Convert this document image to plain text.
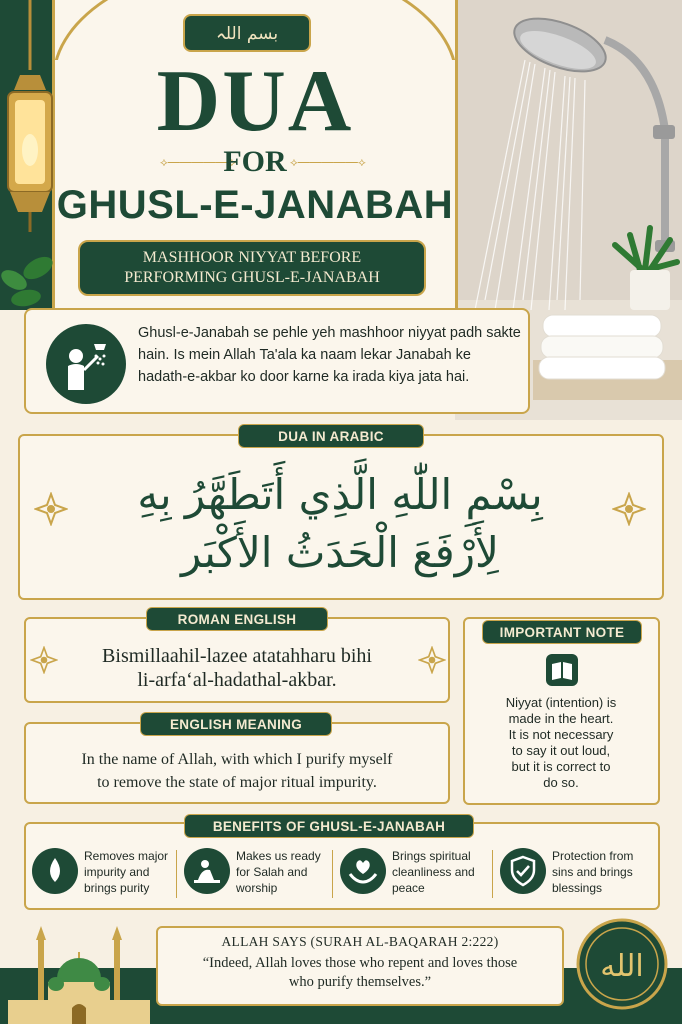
بسم اللہ
DUA
⟡━━━━━⟡	⟡━━━━━⟡
FOR
GHUSL-E-JANABAH
MASHHOOR NIYYAT BEFORE
PERFORMING GHUSL-E-JANABAH
Ghusl-e-Janabah se pehle yeh mashhoor niyyat padh sakte hain. Is mein Allah Ta'ala ka naam lekar Janabah ke hadath-e-akbar ko door karne ka irada kiya jata hai.
DUA IN ARABIC
بِسْمِ اللّٰهِ الَّذِي أَتَطَهَّرُ بِهِ
لِأَرْفَعَ الْحَدَثُ الأَكْبَر
ROMAN ENGLISH
Bismillaahil-lazee atatahharu bihi
li-arfa‘al-hadathal-akbar.
ENGLISH MEANING
In the name of Allah, with which I purify myself
to remove the state of major ritual impurity.
IMPORTANT NOTE
Niyyat (intention) is
made in the heart.
It is not necessary
to say it out loud,
but it is correct to
do so.
BENEFITS OF GHUSL-E-JANABAH
Removes major
impurity and
brings purity
Makes us ready
for Salah and
worship
Brings spiritual
cleanliness and
peace
Protection from
sins and brings
blessings
ALLAH SAYS (SURAH AL-BAQARAH 2:222)
“Indeed, Allah loves those who repent and loves those
who purify themselves.”	الله
